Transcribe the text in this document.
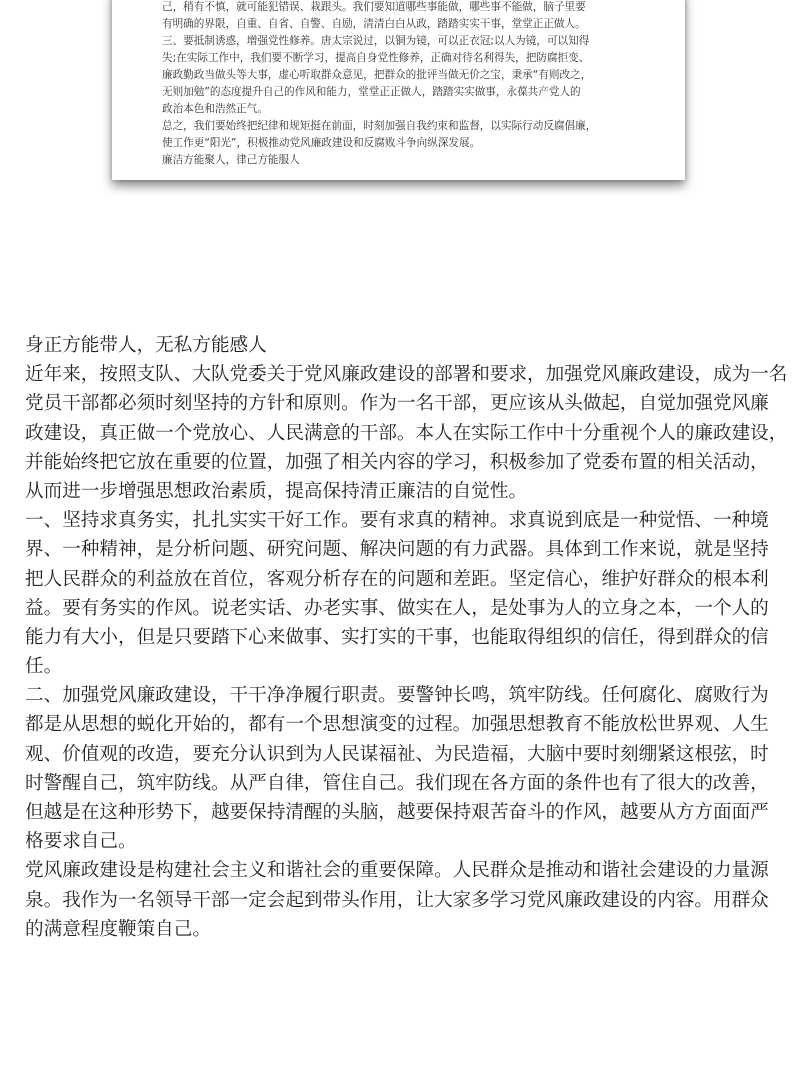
己，稍有不慎，就可能犯错误、栽跟头。我们要知道哪些事能做，哪些事不能做，脑子里要
有明确的界限，自重、自省、自警、自励，清清白白从政，踏踏实实干事，堂堂正正做人。
三、要抵制诱惑，增强党性修养。唐太宗说过，以铜为镜，可以正衣冠;以人为镜，可以知得
失;在实际工作中，我们要不断学习，提高自身党性修养，正确对待名利得失，把防腐拒变、
廉政勤政当做头等大事，虚心听取群众意见，把群众的批评当做无价之宝，秉承“有则改之，
无则加勉”的态度提升自己的作风和能力，堂堂正正做人，踏踏实实做事，永葆共产党人的
政治本色和浩然正气。
总之，我们要始终把纪律和规矩挺在前面，时刻加强自我约束和监督，以实际行动反腐倡廉，
使工作更“阳光”，积极推动党风廉政建设和反腐败斗争向纵深发展。
廉洁方能聚人，律己方能服人
身正方能带人，无私方能感人
近年来，按照支队、大队党委关于党风廉政建设的部署和要求，加强党风廉政建设，成为一名
党员干部都必须时刻坚持的方针和原则。作为一名干部，更应该从头做起，自觉加强党风廉
政建设，真正做一个党放心、人民满意的干部。本人在实际工作中十分重视个人的廉政建设，
并能始终把它放在重要的位置，加强了相关内容的学习，积极参加了党委布置的相关活动，
从而进一步增强思想政治素质，提高保持清正廉洁的自觉性。
一、坚持求真务实，扎扎实实干好工作。要有求真的精神。求真说到底是一种觉悟、一种境
界、一种精神，是分析问题、研究问题、解决问题的有力武器。具体到工作来说，就是坚持
把人民群众的利益放在首位，客观分析存在的问题和差距。坚定信心，维护好群众的根本利
益。要有务实的作风。说老实话、办老实事、做实在人，是处事为人的立身之本，一个人的
能力有大小，但是只要踏下心来做事、实打实的干事，也能取得组织的信任，得到群众的信
任。
二、加强党风廉政建设，干干净净履行职责。要警钟长鸣，筑牢防线。任何腐化、腐败行为
都是从思想的蜕化开始的，都有一个思想演变的过程。加强思想教育不能放松世界观、人生
观、价值观的改造，要充分认识到为人民谋福祉、为民造福，大脑中要时刻绷紧这根弦，时
时警醒自己，筑牢防线。从严自律，管住自己。我们现在各方面的条件也有了很大的改善，
但越是在这种形势下，越要保持清醒的头脑，越要保持艰苦奋斗的作风，越要从方方面面严
格要求自己。
党风廉政建设是构建社会主义和谐社会的重要保障。人民群众是推动和谐社会建设的力量源
泉。我作为一名领导干部一定会起到带头作用，让大家多学习党风廉政建设的内容。用群众
的满意程度鞭策自己。
